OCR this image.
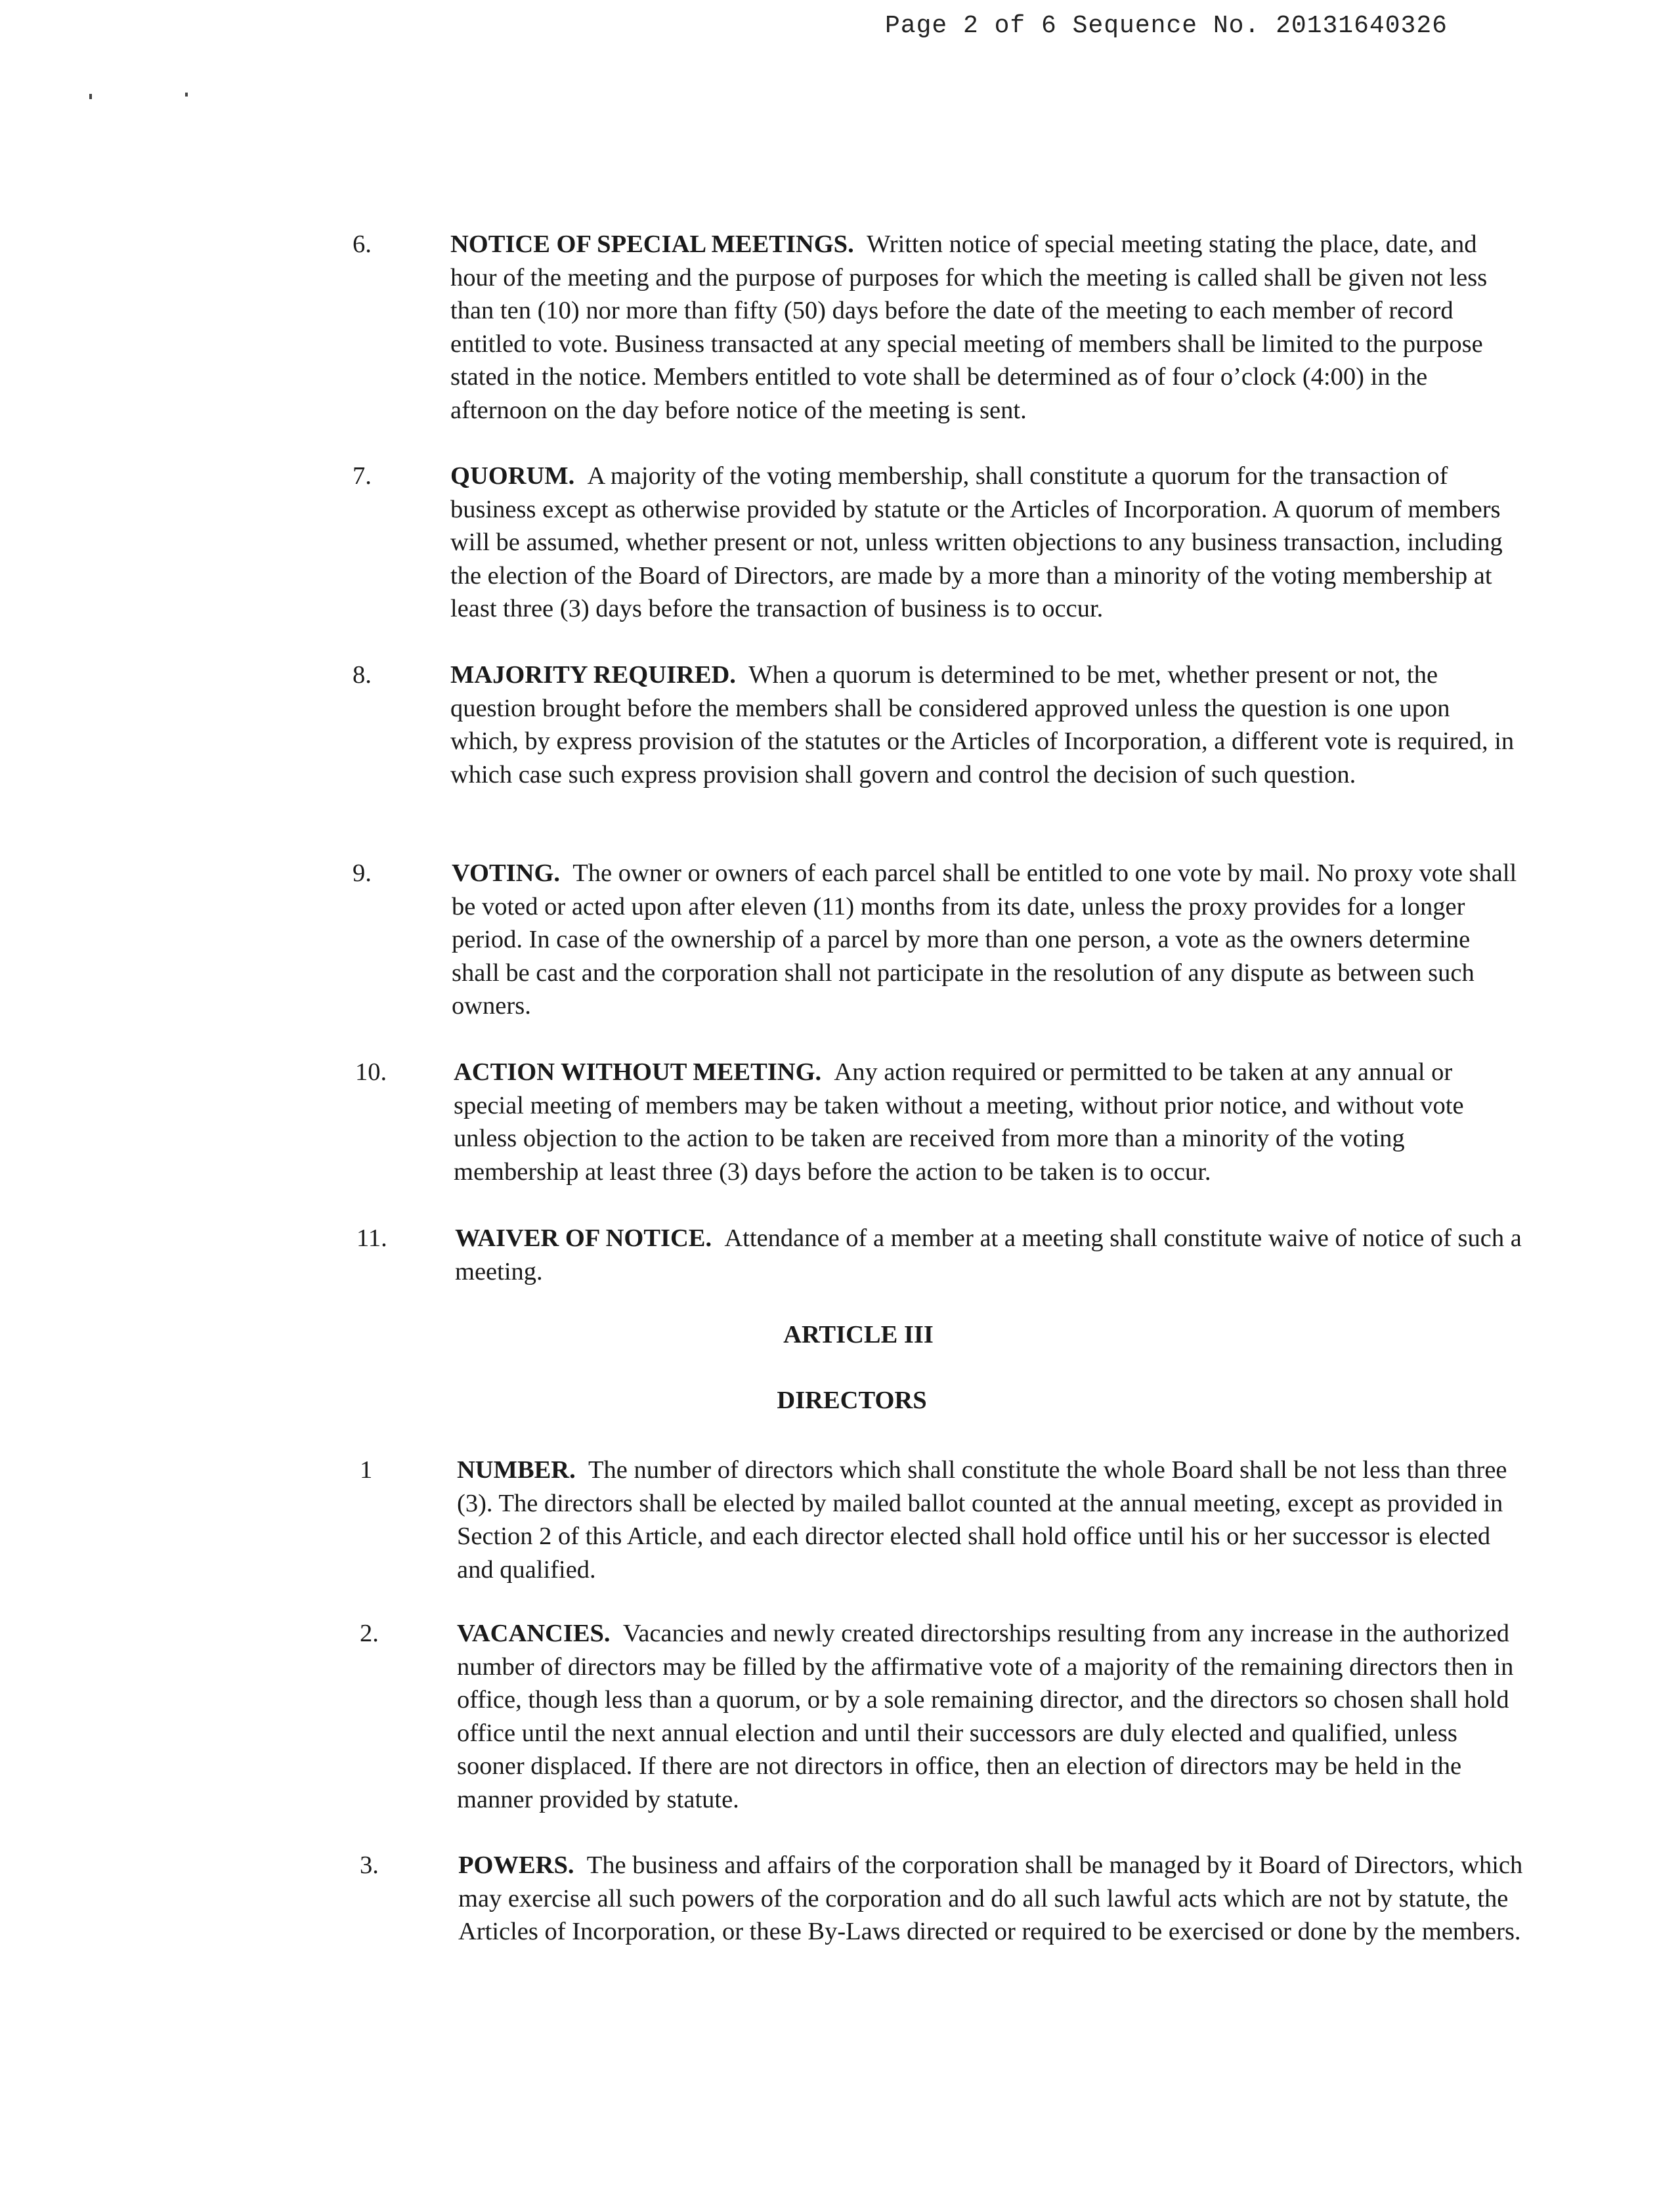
Page 2 of 6 Sequence No. 20131640326
6.	NOTICE OF SPECIAL MEETINGS. Written notice of special meeting stating the place, date, and hour of the meeting and the purpose of purposes for which the meeting is called shall be given not less than ten (10) nor more than fifty (50) days before the date of the meeting to each member of record entitled to vote. Business transacted at any special meeting of members shall be limited to the purpose stated in the notice. Members entitled to vote shall be determined as of four o’clock (4:00) in the afternoon on the day before notice of the meeting is sent.
7.	QUORUM. A majority of the voting membership, shall constitute a quorum for the transaction of business except as otherwise provided by statute or the Articles of Incorporation. A quorum of members will be assumed, whether present or not, unless written objections to any business transaction, including the election of the Board of Directors, are made by a more than a minority of the voting membership at least three (3) days before the transaction of business is to occur.
8.	MAJORITY REQUIRED. When a quorum is determined to be met, whether present or not, the question brought before the members shall be considered approved unless the question is one upon which, by express provision of the statutes or the Articles of Incorporation, a different vote is required, in which case such express provision shall govern and control the decision of such question.
9.	VOTING. The owner or owners of each parcel shall be entitled to one vote by mail. No proxy vote shall be voted or acted upon after eleven (11) months from its date, unless the proxy provides for a longer period. In case of the ownership of a parcel by more than one person, a vote as the owners determine shall be cast and the corporation shall not participate in the resolution of any dispute as between such owners.
10.	ACTION WITHOUT MEETING. Any action required or permitted to be taken at any annual or special meeting of members may be taken without a meeting, without prior notice, and without vote unless objection to the action to be taken are received from more than a minority of the voting membership at least three (3) days before the action to be taken is to occur.
11.	WAIVER OF NOTICE. Attendance of a member at a meeting shall constitute waive of notice of such a meeting.
ARTICLE III
DIRECTORS
1	NUMBER. The number of directors which shall constitute the whole Board shall be not less than three (3). The directors shall be elected by mailed ballot counted at the annual meeting, except as provided in Section 2 of this Article, and each director elected shall hold office until his or her successor is elected and qualified.
2.	VACANCIES. Vacancies and newly created directorships resulting from any increase in the authorized number of directors may be filled by the affirmative vote of a majority of the remaining directors then in office, though less than a quorum, or by a sole remaining director, and the directors so chosen shall hold office until the next annual election and until their successors are duly elected and qualified, unless sooner displaced. If there are not directors in office, then an election of directors may be held in the manner provided by statute.
3.	POWERS. The business and affairs of the corporation shall be managed by it Board of Directors, which may exercise all such powers of the corporation and do all such lawful acts which are not by statute, the Articles of Incorporation, or these By-Laws directed or required to be exercised or done by the members.
